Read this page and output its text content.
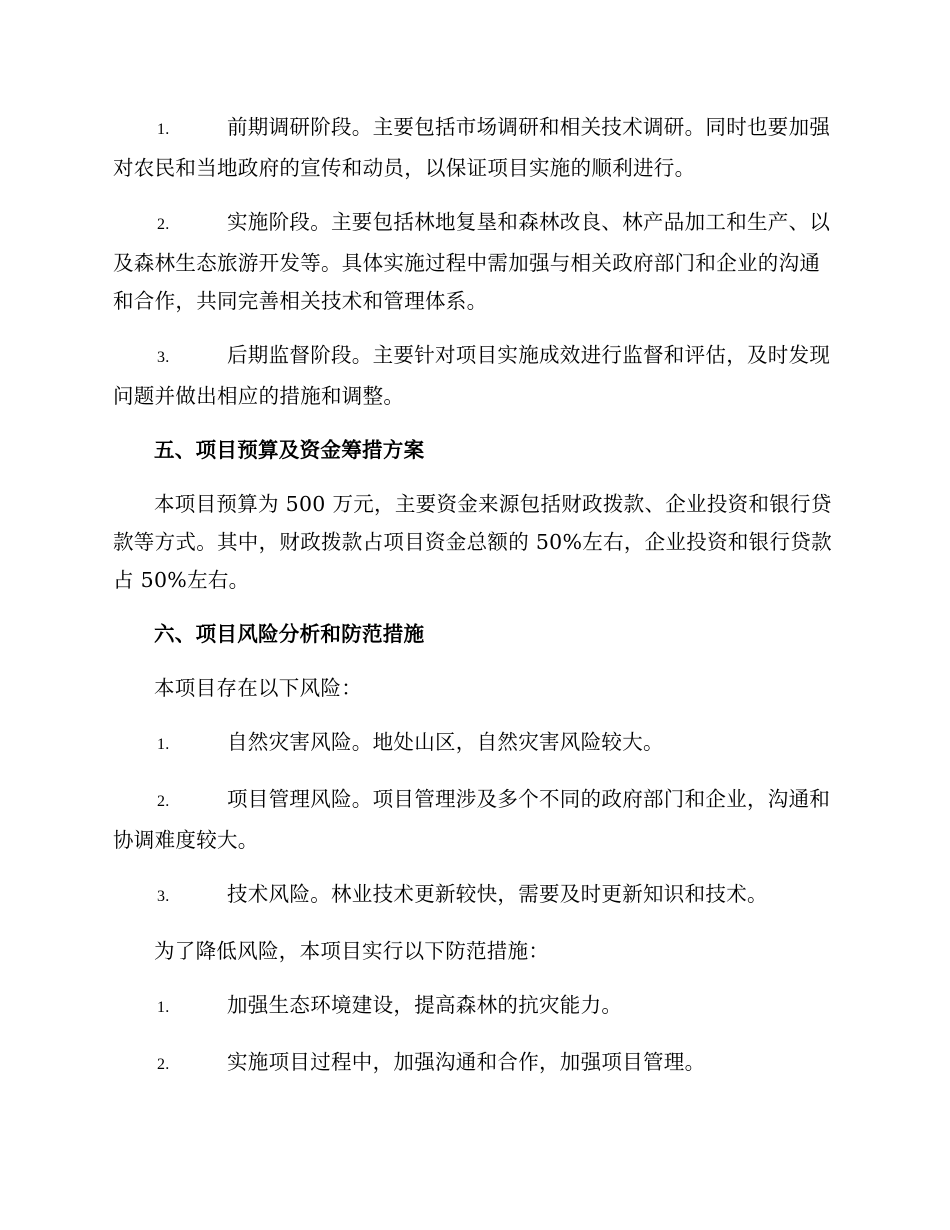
1.	前期调研阶段。主要包括市场调研和相关技术调研。同时也要加强对农民和当地政府的宣传和动员，以保证项目实施的顺利进行。

2.	实施阶段。主要包括林地复垦和森林改良、林产品加工和生产、以及森林生态旅游开发等。具体实施过程中需加强与相关政府部门和企业的沟通和合作，共同完善相关技术和管理体系。

3.	后期监督阶段。主要针对项目实施成效进行监督和评估，及时发现问题并做出相应的措施和调整。

五、项目预算及资金筹措方案

本项目预算为 500 万元，主要资金来源包括财政拨款、企业投资和银行贷款等方式。其中，财政拨款占项目资金总额的 50%左右，企业投资和银行贷款占 50%左右。

六、项目风险分析和防范措施

本项目存在以下风险：

1.	自然灾害风险。地处山区，自然灾害风险较大。

2.	项目管理风险。项目管理涉及多个不同的政府部门和企业，沟通和协调难度较大。

3.	技术风险。林业技术更新较快，需要及时更新知识和技术。

为了降低风险，本项目实行以下防范措施：

1.	加强生态环境建设，提高森林的抗灾能力。

2.	实施项目过程中，加强沟通和合作，加强项目管理。
